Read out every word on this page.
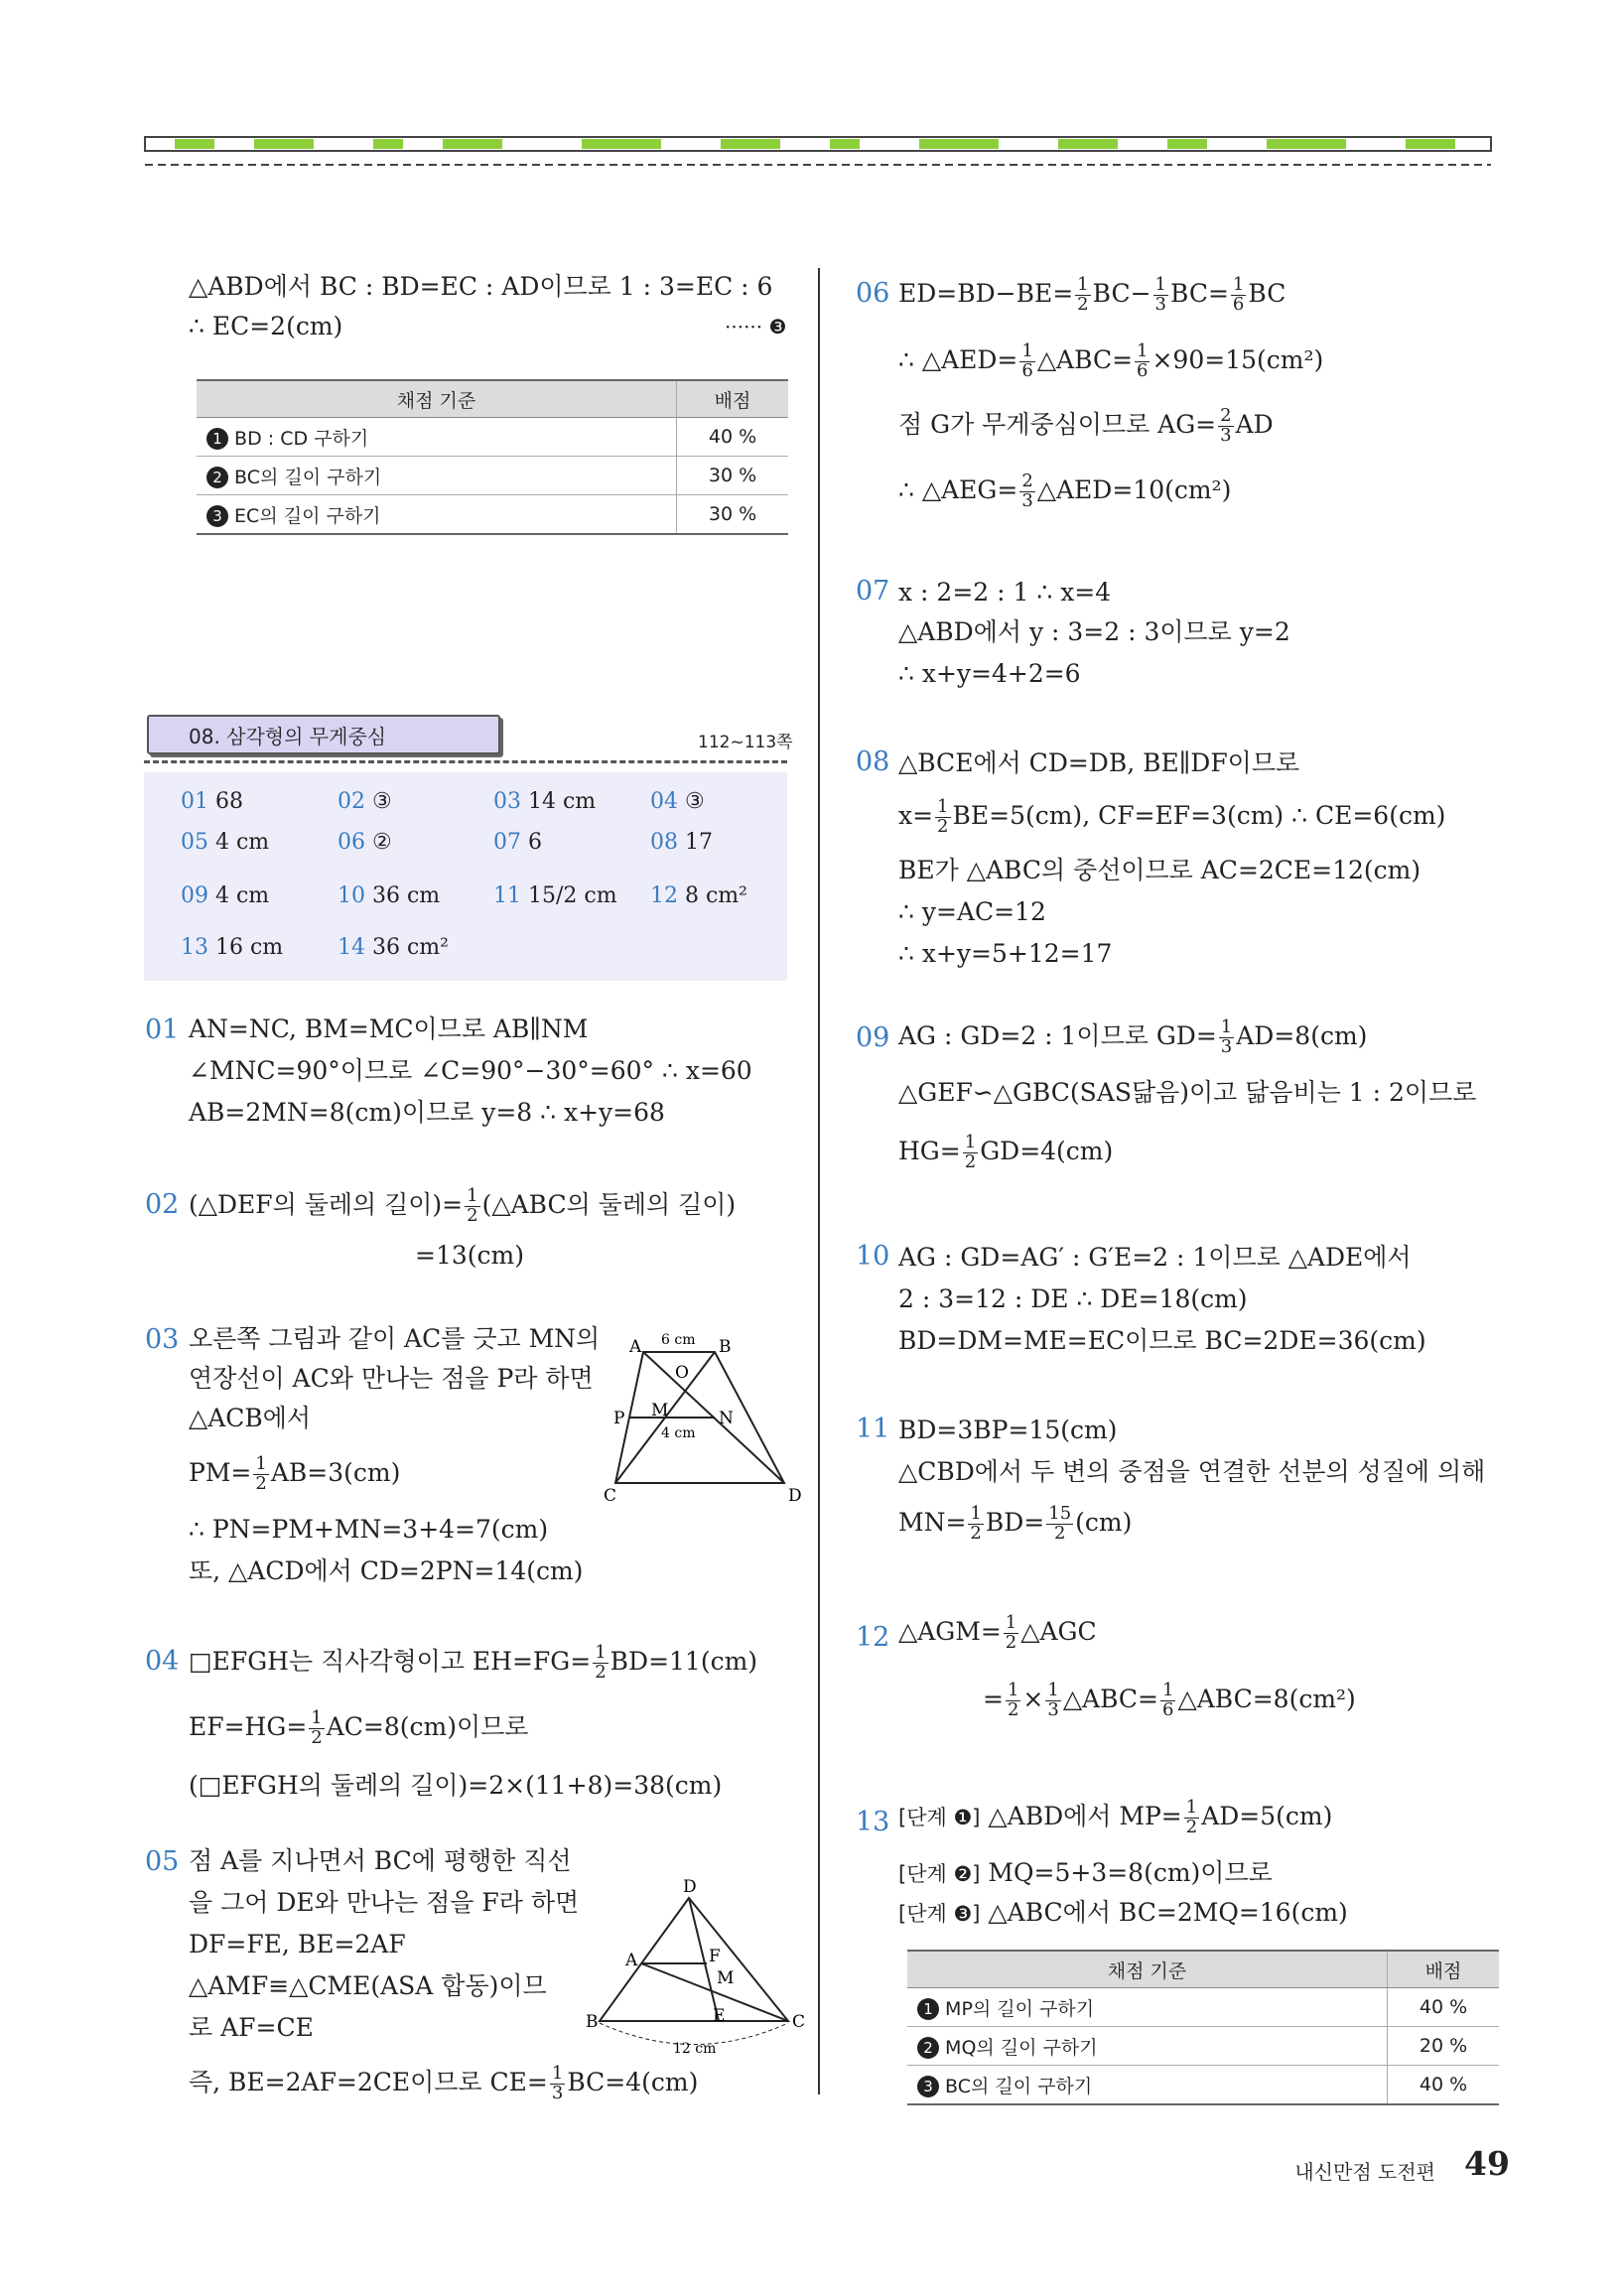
△ABD에서 BC : BD=EC : AD이므로 1 : 3=EC : 6
∴ EC=2(cm)	······ ❸
채점 기준	배점
1 BD : CD 구하기	40 %
2 BC의 길이 구하기	30 %
3 EC의 길이 구하기	30 %
08. 삼각형의 무게중심	112~113쪽
01 68	02 ③	03 14 cm 04 ③
05 4 cm	06 ②	07 6	08 17
09 4 cm	10 36 cm 11 15/2 cm 12 8 cm²
13 16 cm 14 36 cm²
01 AN=NC, BM=MC이므로 AB∥NM
∠MNC=90°이므로 ∠C=90°−30°=60° ∴ x=60
AB=2MN=8(cm)이므로 y=8 ∴ x+y=68
02 (△DEF의 둘레의 길이)= $\frac{1}{2}$ (△ABC의 둘레의 길이)
=13(cm)
03 오른쪽 그림과 같이 AC를 긋고 MN의
연장선이 AC와 만나는 점을 P라 하면
△ACB에서
$PM= \frac{1}{2} AB=3(cm)$
∴ PN=PM+MN=3+4=7(cm)
또, △ACD에서 CD=2PN=14(cm)
A	B
O
P M	N
C	D
6 cm
4 cm
04 □EFGH는 직사각형이고 $EH=FG= \frac{1}{2} BD=11(cm)$
$EF=HG= \frac{1}{2} AC=8(cm)$이므로
(□EFGH의 둘레의 길이)=2×(11+8)=38(cm)
05 점 A를 지나면서 BC에 평행한 직선
을 그어 DE와 만나는 점을 F라 하면
DF=FE, BE=2AF
△AMF≡△CME(ASA 합동)이므
로 AF=CE
즉, BE=2AF=2CE이므로 $CE= \frac{1}{3} BC=4(cm)$
D
A	F
M
B	E	C
12 cm
06 $ED=BD-BE= \frac{1}{2} BC- \frac{1}{3} BC= \frac{1}{6}$ BC
∴ △AED= $\frac{1}{6}$ △ABC= $\frac{1}{6} \times 90=15(cm^2)$
점 G가 무게중심이므로 $AG= \frac{2}{3}$ AD
∴ △AEG= $\frac{2}{3}$ △AED=10(cm²)
07 x : 2=2 : 1 ∴ x=4
△ABD에서 y : 3=2 : 3이므로 y=2
∴ x+y=4+2=6
08 △BCE에서 CD=DB, BE∥DF이므로
$x= \frac{1}{2} BE=5(cm)$, CF=EF=3(cm) ∴ CE=6(cm)
BE가 △ABC의 중선이므로 AC=2CE=12(cm)
∴ y=AC=12
∴ x+y=5+12=17
09 AG : GD=2 : 1이므로 $GD= \frac{1}{3} AD=8(cm)$
△GEF∽△GBC(SAS닮음)이고 닮음비는 1 : 2이므로
$HG= \frac{1}{2} GD=4(cm)$
10 AG : GD=AG′ : G′E=2 : 1이므로 △ADE에서
2 : 3=12 : DE ∴ DE=18(cm)
BD=DM=ME=EC이므로 BC=2DE=36(cm)
11 BD=3BP=15(cm)
△CBD에서 두 변의 중점을 연결한 선분의 성질에 의해
$MN= \frac{1}{2} BD= \frac{15}{2} (cm)$
12 △AGM= $\frac{1}{2}$ △AGC
= $\frac{1}{2} \times \frac{1}{3}$ △ABC= $\frac{1}{6}$ △ABC=8(cm²)
13 [단계 ❶] △ABD에서 $MP= \frac{1}{2} AD=5(cm)$
[단계 ❷] MQ=5+3=8(cm)이므로
[단계 ❸] △ABC에서 BC=2MQ=16(cm)
채점 기준	배점
1 MP의 길이 구하기	40 %
2 MQ의 길이 구하기	20 %
3 BC의 길이 구하기	40 %
내신만점 도전편 49
